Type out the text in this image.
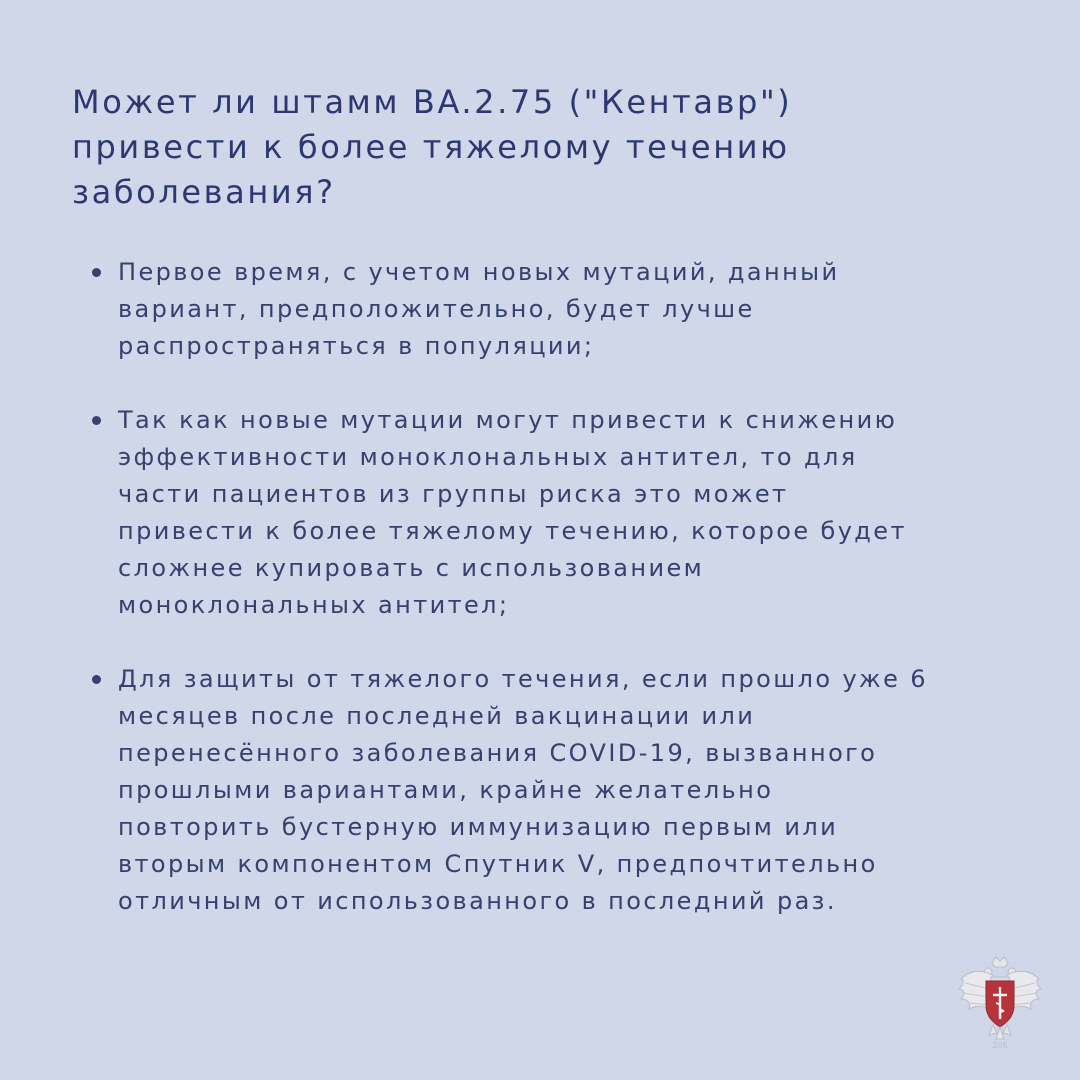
Может ли штамм BA.2.75 ("Кентавр")
привести к более тяжелому течению
заболевания?
Первое время, с учетом новых мутаций, данный
вариант, предположительно, будет лучше
распространяться в популяции;
Так как новые мутации могут привести к снижению
эффективности моноклональных антител, то для
части пациентов из группы риска это может
привести к более тяжелому течению, которое будет
сложнее купировать с использованием
моноклональных антител;
Для защиты от тяжелого течения, если прошло уже 6
месяцев после последней вакцинации или
перенесённого заболевания COVID-19, вызванного
прошлыми вариантами, крайне желательно
повторить бустерную иммунизацию первым или
вторым компонентом Спутник V, предпочтительно
отличным от использованного в последний раз.
20S
